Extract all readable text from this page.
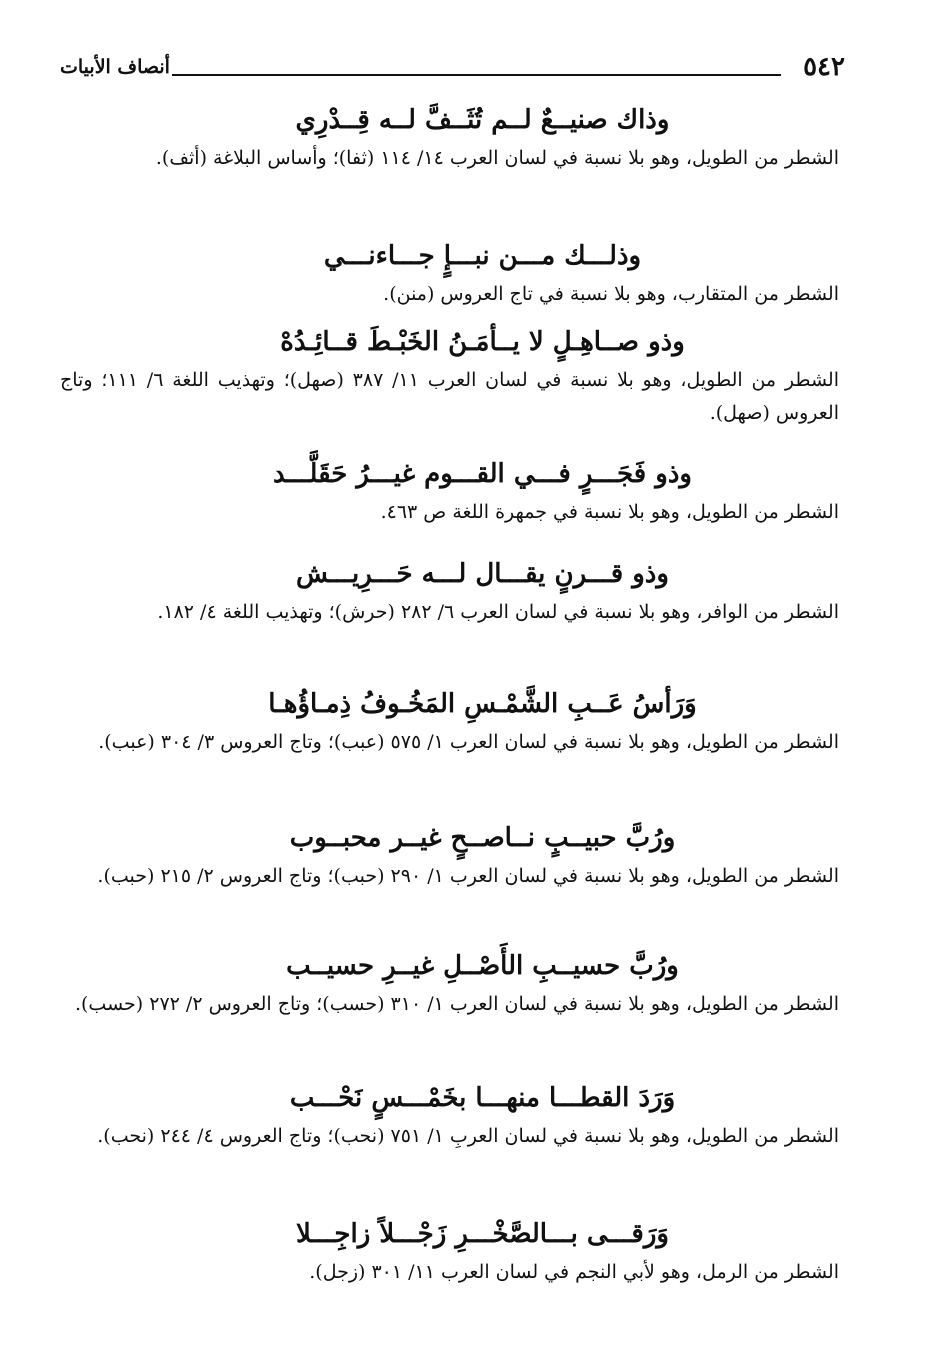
٥٤٢
أنصاف الأبيات
وذاك صنيــعٌ لــم تُثَــفَّ لــه قِــدْرِي
الشطر من الطويل، وهو بلا نسبة في لسان العرب ١٤/ ١١٤ (ثفا)؛ وأساس البلاغة (أثف).
وذلـــك مـــن نبـــإٍ جـــاءنـــي
الشطر من المتقارب، وهو بلا نسبة في تاج العروس (منن).
وذو صــاهِـلٍ لا يــأمَـنُ الخَبْـطَ قــائِـدُهْ
الشطر من الطويل، وهو بلا نسبة في لسان العرب ١١/ ٣٨٧ (صهل)؛ وتهذيب اللغة ٦/ ١١١؛ وتاج العروس (صهل).
وذو فَجَـــرٍ فـــي القـــوم غيـــرُ حَقَلَّـــد
الشطر من الطويل، وهو بلا نسبة في جمهرة اللغة ص ٤٦٣.
وذو قـــرنٍ يقـــال لـــه حَـــرِيـــش
الشطر من الوافر، وهو بلا نسبة في لسان العرب ٦/ ٢٨٢ (حرش)؛ وتهذيب اللغة ٤/ ١٨٢.
وَرَأسُ عَــبِ الشَّمْـسِ المَخُـوفُ ذِمـاؤُهـا
الشطر من الطويل، وهو بلا نسبة في لسان العرب ١/ ٥٧٥ (عبب)؛ وتاج العروس ٣/ ٣٠٤ (عبب).
ورُبَّ حبيــبٍ نــاصــحٍ غيــر محبــوب
الشطر من الطويل، وهو بلا نسبة في لسان العرب ١/ ٢٩٠ (حبب)؛ وتاج العروس ٢/ ٢١٥ (حبب).
ورُبَّ حسيــبِ الأَصْــلِ غيــرِ حسيــب
الشطر من الطويل، وهو بلا نسبة في لسان العرب ١/ ٣١٠ (حسب)؛ وتاج العروس ٢/ ٢٧٢ (حسب).
وَرَدَ القطـــا منهـــا بخَمْـــسٍ نَحْـــب
الشطر من الطويل، وهو بلا نسبة في لسان العربِ ١/ ٧٥١ (نحب)؛ وتاج العروس ٤/ ٢٤٤ (نحب).
وَرَقـــى بـــالصَّخْـــرِ زَجْـــلاً زاجِـــلا
الشطر من الرمل، وهو لأبي النجم في لسان العرب ١١/ ٣٠١ (زجل).
